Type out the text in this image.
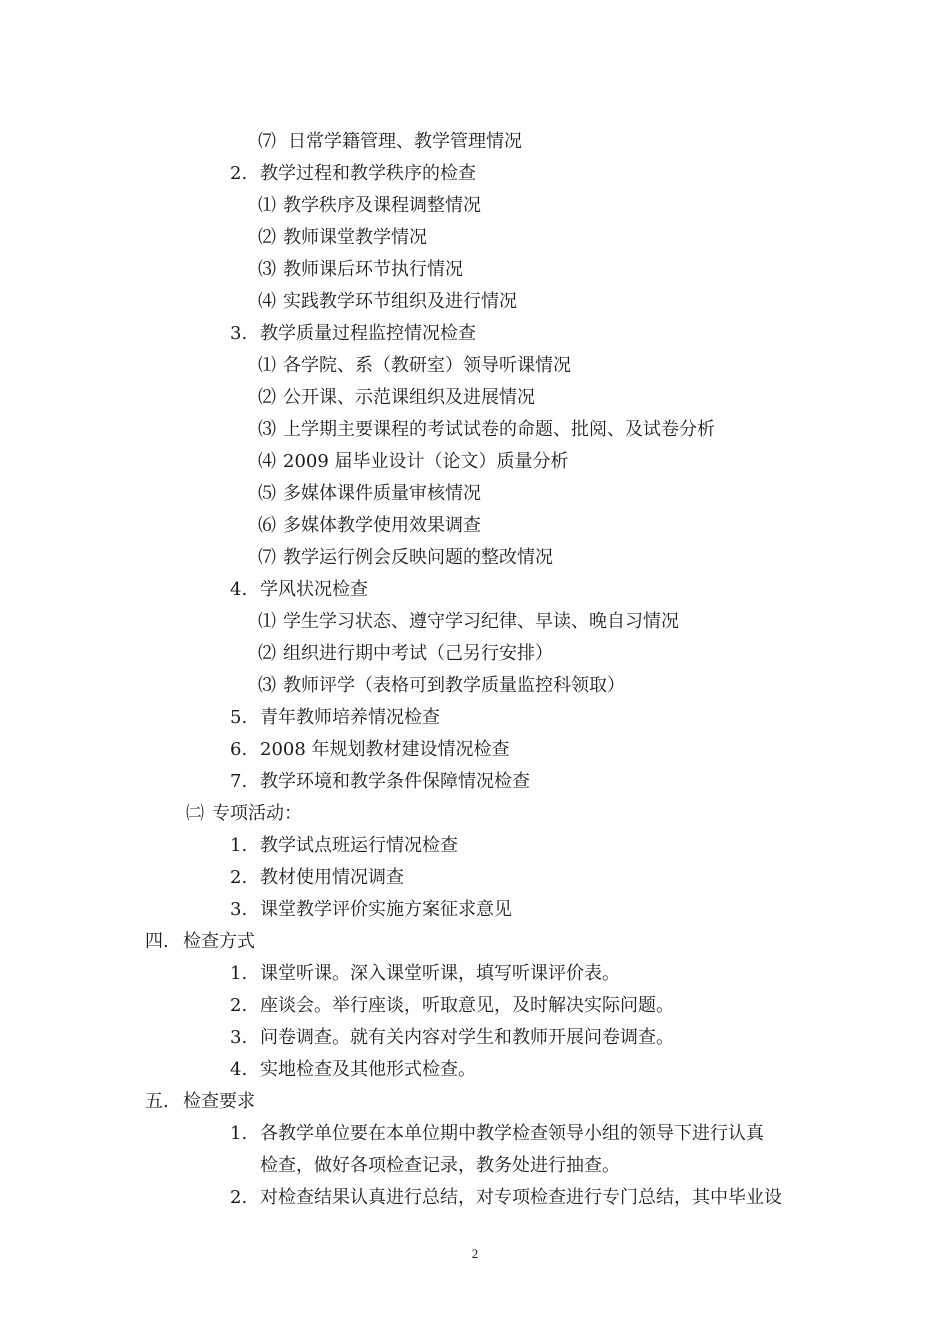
⑺ 日常学籍管理、教学管理情况
2. 教学过程和教学秩序的检查
⑴ 教学秩序及课程调整情况
⑵ 教师课堂教学情况
⑶ 教师课后环节执行情况
⑷ 实践教学环节组织及进行情况
3. 教学质量过程监控情况检查
⑴ 各学院、系（教研室）领导听课情况
⑵ 公开课、示范课组织及进展情况
⑶ 上学期主要课程的考试试卷的命题、批阅、及试卷分析
⑷ 2009 届毕业设计（论文）质量分析
⑸ 多媒体课件质量审核情况
⑹ 多媒体教学使用效果调查
⑺ 教学运行例会反映问题的整改情况
4. 学风状况检查
⑴ 学生学习状态、遵守学习纪律、早读、晚自习情况
⑵ 组织进行期中考试（己另行安排）
⑶ 教师评学（表格可到教学质量监控科领取）
5. 青年教师培养情况检查
6. 2008 年规划教材建设情况检查
7. 教学环境和教学条件保障情况检查
㈡ 专项活动：
1. 教学试点班运行情况检查
2. 教材使用情况调查
3. 课堂教学评价实施方案征求意见
四. 检查方式
1. 课堂听课。深入课堂听课，填写听课评价表。
2. 座谈会。举行座谈，听取意见，及时解决实际问题。
3. 问卷调查。就有关内容对学生和教师开展问卷调查。
4. 实地检查及其他形式检查。
五. 检查要求
1. 各教学单位要在本单位期中教学检查领导小组的领导下进行认真
检查，做好各项检查记录，教务处进行抽查。
2. 对检查结果认真进行总结，对专项检查进行专门总结，其中毕业设
2
